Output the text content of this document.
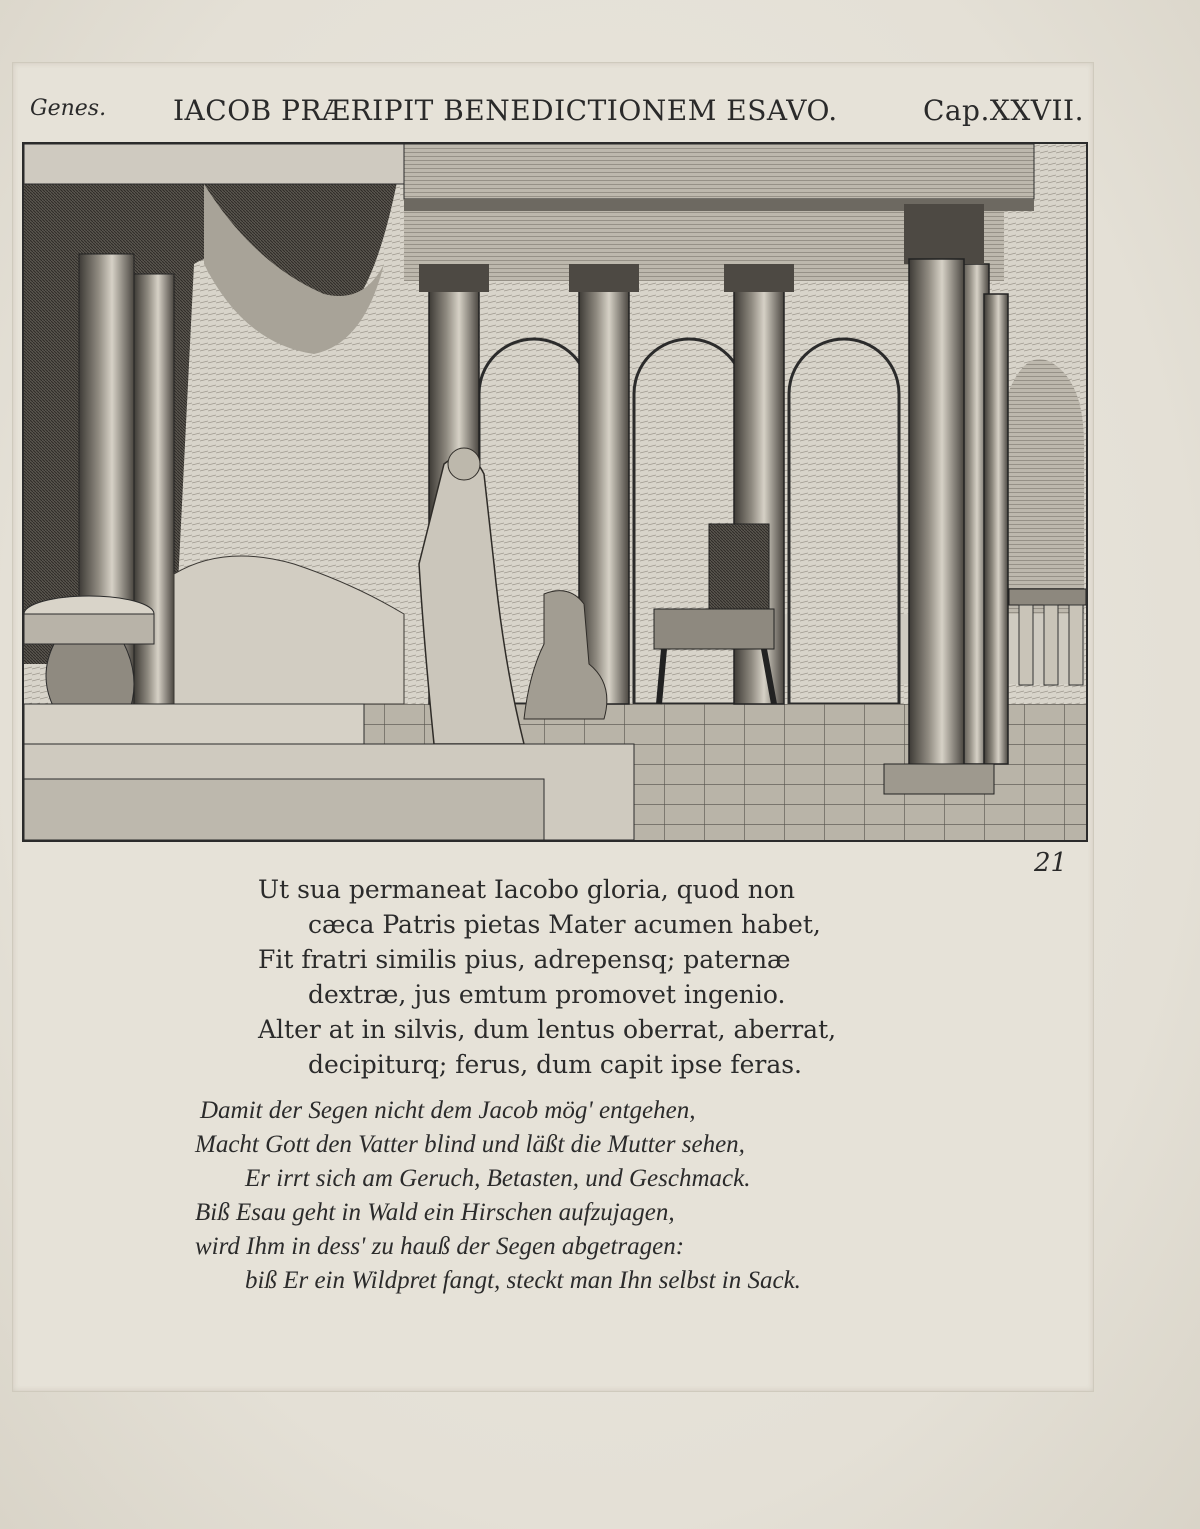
Genes. IACOB PRÆRIPIT BENEDICTIONEM ESAVO.	Cap.XXVII.
21
Ut sua permaneat Iacobo gloria, quod non
cæca Patris pietas Mater acumen habet,
Fit fratri similis pius, adrepensq; paternæ
dextræ, jus emtum promovet ingenio.
Alter at in silvis, dum lentus oberrat, aberrat,
decipiturq; ferus, dum capit ipse feras.
Damit der Segen nicht dem Jacob mög' entgehen,
Macht Gott den Vatter blind und läßt die Mutter sehen,
Er irrt sich am Geruch, Betasten, und Geschmack.
Biß Esau geht in Wald ein Hirschen aufzujagen,
wird Ihm in dess' zu hauß der Segen abgetragen:
biß Er ein Wildpret fangt, steckt man Ihn selbst in Sack.
